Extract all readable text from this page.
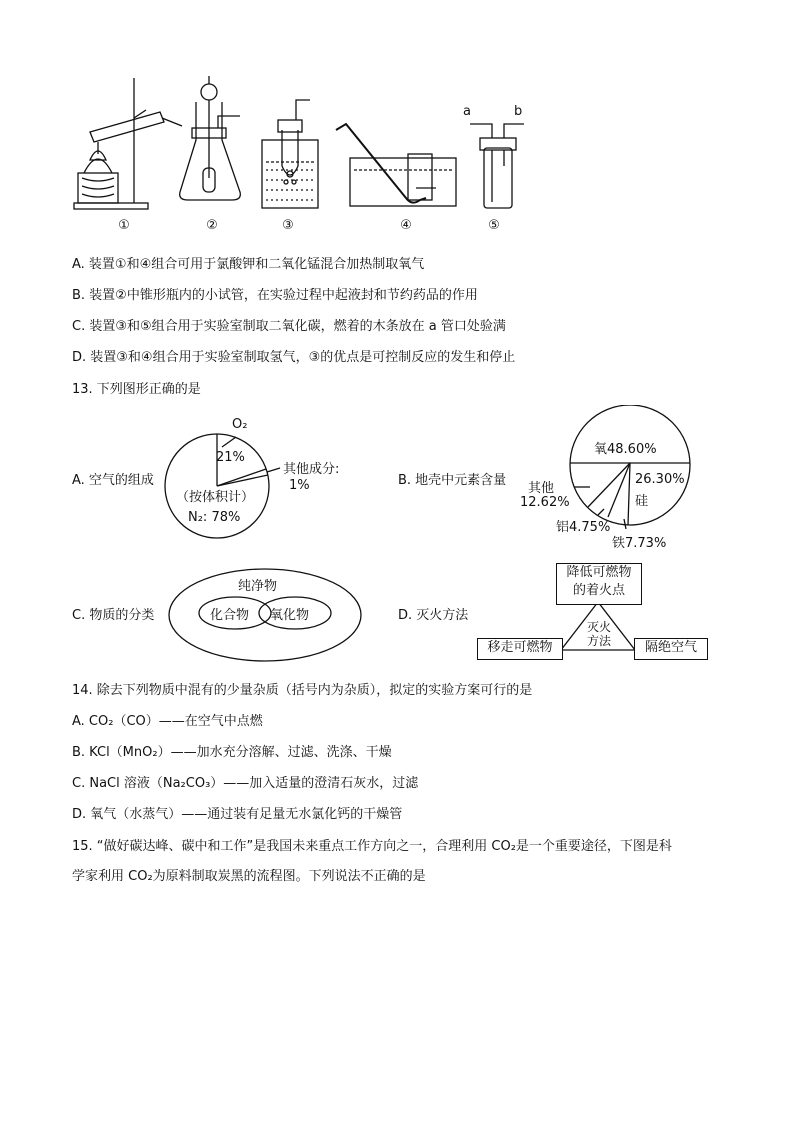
a	b
①	②	③	④	⑤
A. 装置①和④组合可用于氯酸钾和二氧化锰混合加热制取氧气
B. 装置②中锥形瓶内的小试管，在实验过程中起液封和节约药品的作用
C. 装置③和⑤组合用于实验室制取二氧化碳，燃着的木条放在 a 管口处验满
D. 装置③和④组合用于实验室制取氢气，③的优点是可控制反应的发生和停止
13. 下列图形正确的是
A. 空气的组成
O₂
21%
其他成分:
1%
（按体积计）
N₂: 78%
B. 地壳中元素含量
氧48.60%
26.30%
硅
其他
12.62%
铝4.75%
铁7.73%
C. 物质的分类
纯净物
化合物 氧化物	D. 灭火方法
降低可燃物
的着火点
灭火
方法
移走可燃物	隔绝空气
14. 除去下列物质中混有的少量杂质（括号内为杂质），拟定的实验方案可行的是
A. CO₂（CO）——在空气中点燃
B. KCl（MnO₂）——加水充分溶解、过滤、洗涤、干燥
C. NaCl 溶液（Na₂CO₃）——加入适量的澄清石灰水，过滤
D. 氧气（水蒸气）——通过装有足量无水氯化钙的干燥管
15. “做好碳达峰、碳中和工作”是我国未来重点工作方向之一，合理利用 CO₂是一个重要途径，下图是科
学家利用 CO₂为原料制取炭黑的流程图。下列说法不正确的是
